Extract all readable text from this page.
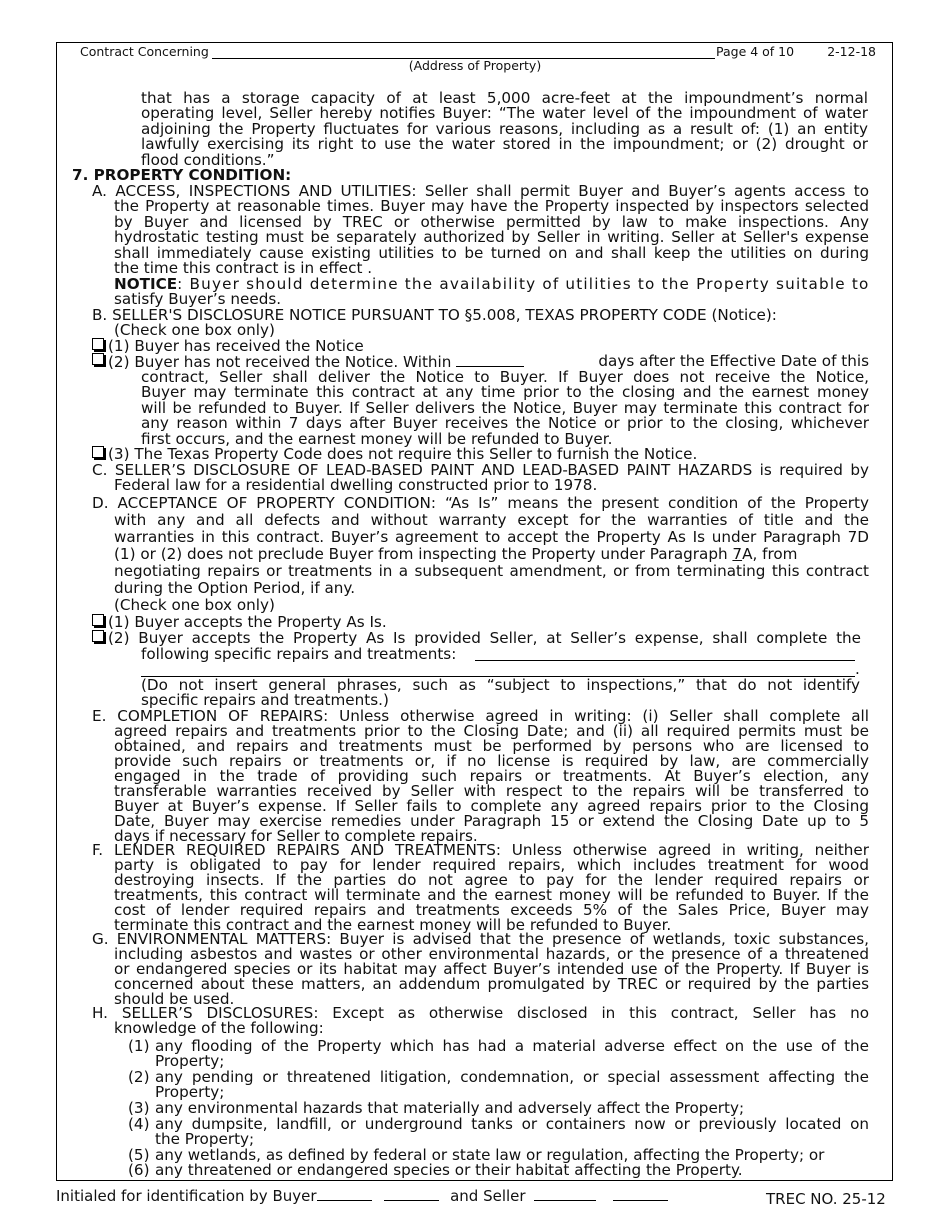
Contract Concerning	Page 4 of 10	2-12-18
(Address of Property)
that has a storage capacity of at least 5,000 acre-feet at the impoundment’s normal
operating level, Seller hereby notifies Buyer: “The water level of the impoundment of water
adjoining the Property fluctuates for various reasons, including as a result of: (1) an entity
lawfully exercising its right to use the water stored in the impoundment; or (2) drought or
flood conditions.”
7. PROPERTY CONDITION:
A. ACCESS, INSPECTIONS AND UTILITIES: Seller shall permit Buyer and Buyer’s agents access to
the Property at reasonable times. Buyer may have the Property inspected by inspectors selected
by Buyer and licensed by TREC or otherwise permitted by law to make inspections. Any
hydrostatic testing must be separately authorized by Seller in writing. Seller at Seller's expense
shall immediately cause existing utilities to be turned on and shall keep the utilities on during
the time this contract is in effect .
NOTICE: Buyer should determine the availability of utilities to the Property suitable to
satisfy Buyer’s needs.
B. SELLER'S DISCLOSURE NOTICE PURSUANT TO §5.008, TEXAS PROPERTY CODE (Notice):
(Check one box only)
(1) Buyer has received the Notice
(2) Buyer has not received the Notice. Within	days after the Effective Date of this
contract, Seller shall deliver the Notice to Buyer. If Buyer does not receive the Notice,
Buyer may terminate this contract at any time prior to the closing and the earnest money
will be refunded to Buyer. If Seller delivers the Notice, Buyer may terminate this contract for
any reason within 7 days after Buyer receives the Notice or prior to the closing, whichever
first occurs, and the earnest money will be refunded to Buyer.
(3) The Texas Property Code does not require this Seller to furnish the Notice.
C. SELLER’S DISCLOSURE OF LEAD-BASED PAINT AND LEAD-BASED PAINT HAZARDS is required by
Federal law for a residential dwelling constructed prior to 1978.
D. ACCEPTANCE OF PROPERTY CONDITION: “As Is” means the present condition of the Property
with any and all defects and without warranty except for the warranties of title and the
warranties in this contract. Buyer’s agreement to accept the Property As Is under Paragraph 7D
(1) or (2) does not preclude Buyer from inspecting the Property under Paragraph 7A, from
negotiating repairs or treatments in a subsequent amendment, or from terminating this contract
during the Option Period, if any.
(Check one box only)
(1) Buyer accepts the Property As Is.
(2) Buyer accepts the Property As Is provided Seller, at Seller’s expense, shall complete the
following specific repairs and treatments:
.
(Do not insert general phrases, such as “subject to inspections,” that do not identify
specific repairs and treatments.)
E. COMPLETION OF REPAIRS: Unless otherwise agreed in writing: (i) Seller shall complete all
agreed repairs and treatments prior to the Closing Date; and (ii) all required permits must be
obtained, and repairs and treatments must be performed by persons who are licensed to
provide such repairs or treatments or, if no license is required by law, are commercially
engaged in the trade of providing such repairs or treatments. At Buyer’s election, any
transferable warranties received by Seller with respect to the repairs will be transferred to
Buyer at Buyer’s expense. If Seller fails to complete any agreed repairs prior to the Closing
Date, Buyer may exercise remedies under Paragraph 15 or extend the Closing Date up to 5
days if necessary for Seller to complete repairs.
F. LENDER REQUIRED REPAIRS AND TREATMENTS: Unless otherwise agreed in writing, neither
party is obligated to pay for lender required repairs, which includes treatment for wood
destroying insects. If the parties do not agree to pay for the lender required repairs or
treatments, this contract will terminate and the earnest money will be refunded to Buyer. If the
cost of lender required repairs and treatments exceeds 5% of the Sales Price, Buyer may
terminate this contract and the earnest money will be refunded to Buyer.
G. ENVIRONMENTAL MATTERS: Buyer is advised that the presence of wetlands, toxic substances,
including asbestos and wastes or other environmental hazards, or the presence of a threatened
or endangered species or its habitat may affect Buyer’s intended use of the Property. If Buyer is
concerned about these matters, an addendum promulgated by TREC or required by the parties
should be used.
H. SELLER’S DISCLOSURES: Except as otherwise disclosed in this contract, Seller has no
knowledge of the following:
(1) any flooding of the Property which has had a material adverse effect on the use of the
Property;
(2) any pending or threatened litigation, condemnation, or special assessment affecting the
Property;
(3) any environmental hazards that materially and adversely affect the Property;
(4) any dumpsite, landfill, or underground tanks or containers now or previously located on
the Property;
(5) any wetlands, as defined by federal or state law or regulation, affecting the Property; or
(6) any threatened or endangered species or their habitat affecting the Property.
Initialed for identification by Buyer	and Seller	TREC NO. 25-12
